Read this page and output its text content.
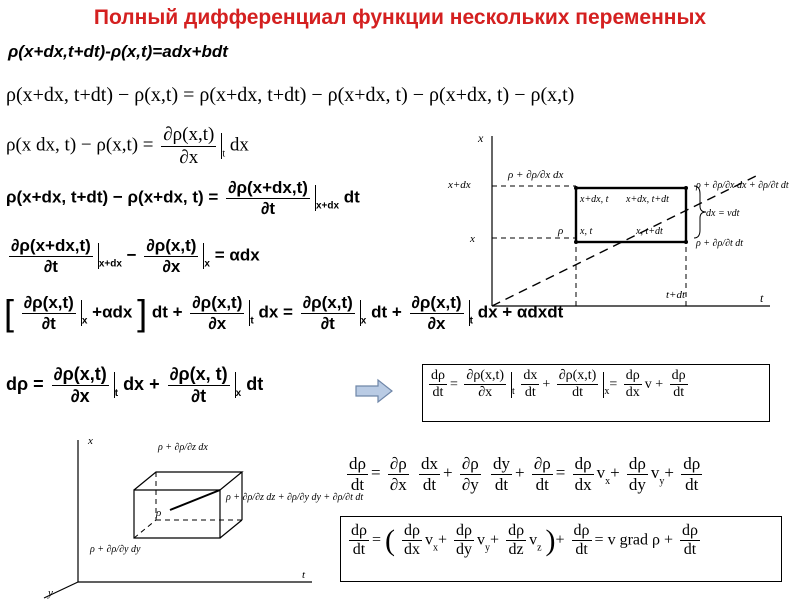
Полный дифференциал функции нескольких переменных
ρ(x+dx,t+dt)-ρ(x,t)=adx+bdt
ρ(x+dx, t+dt) − ρ(x,t) = ρ(x+dx, t+dt) − ρ(x+dx, t) − ρ(x+dx, t) − ρ(x,t)
ρ(x dx, $t) - \rho(x,t) = \frac{\partial\rho(x,t)}{\partial x} _t$ dx
ρ(x+dx, t+dt) − ρ(x+dx, $t) = \frac{\partial\rho(x+dx,t)}{\partial t} _{x+dx}$ dt
$\frac{\partial\rho(x+dx,t)}{\partial t} _{x+dx} - \frac{\partial\rho(x,t)}{\partial x} _x = \alpha dx$
[ $\frac{\partial\rho(x,t)}{\partial t} _x +\alpha dx$ ] dt + $\frac{\partial\rho(x,t)}{\partial x} _t$ dx = $\frac{\partial\rho(x,t)}{\partial t} _x$ dt + $\frac{\partial\rho(x,t)}{\partial x} _t$ dx + αdxdt
$d\rho = \frac{\partial\rho(x,t)}{\partial x} _t$ dx + $\frac{\partial\rho(x, t)}{\partial t} _x$ dt	$\frac{d\rho}{dt} = \frac{\partial\rho(x,t)}{\partial x} _t \frac{dx}{dt} + \frac{\partial\rho(x,t)}{dt} _x= \frac{d\rho}{dx}$ $v + \frac{d\rho}{dt}$
$\frac{d\rho}{dt} = \frac{\partial\rho}{\partial x}$
$\frac{dx}{dt} + \frac{\partial\rho}{\partial y}$
$\frac{dy}{dt} + \frac{\partial\rho}{dt} = \frac{d\rho}{dx} v_x+ \frac{d\rho}{dy} v_y+ \frac{d\rho}{dt}$
$\frac{d\rho}{dt}$ = ( $\frac{d\rho}{dx} v_x+ \frac{d\rho}{dy} v_y+ \frac{d\rho}{dz} v_z$ )+ $\frac{d\rho}{dt} = v$ grad $\rho + \frac{d\rho}{dt}$
x
t
x+dx
x
t+dt
ρ + ∂ρ/∂x dx
x+dx, t x+dx, t+dt
x, t	x, t+dt
ρ
ρ + ∂ρ/∂x dx + ∂ρ/∂t dt
dx = vdt
ρ + ∂ρ/∂t dt
x
t
y
ρ + ∂ρ/∂z dx
ρ + ∂ρ/∂z dz + ∂ρ/∂y dy + ∂ρ/∂t dt
ρ
ρ + ∂ρ/∂y dy
